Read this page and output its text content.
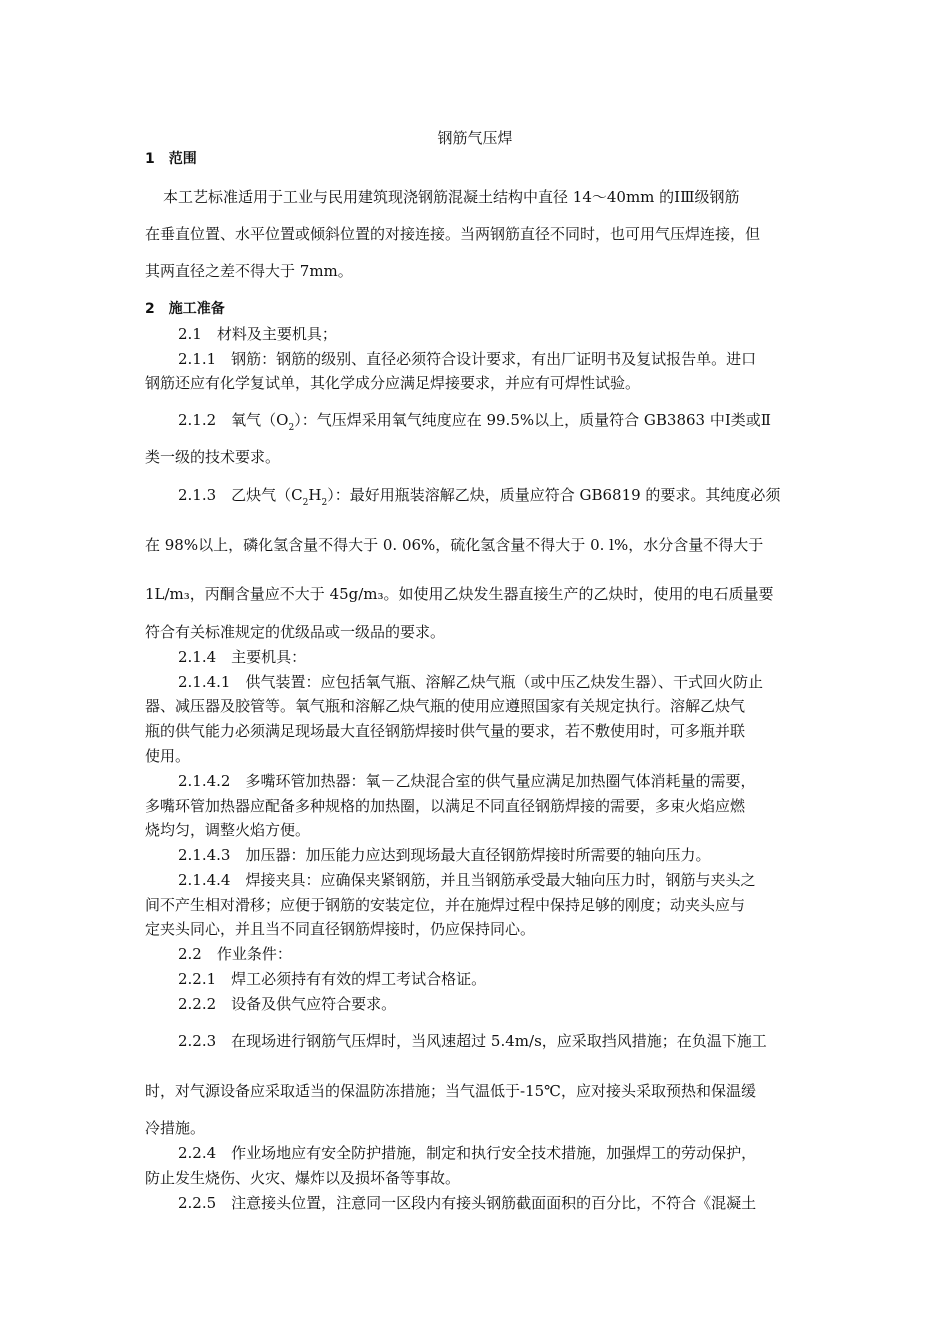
钢筋气压焊
1　范围
本工艺标准适用于工业与民用建筑现浇钢筋混凝土结构中直径 14～40mm 的ⅠⅢ级钢筋
在垂直位置、水平位置或倾斜位置的对接连接。当两钢筋直径不同时，也可用气压焊连接，但
其两直径之差不得大于 7mm。
2　施工准备
2.1　材料及主要机具；
2.1.1　钢筋：钢筋的级别、直径必须符合设计要求，有出厂证明书及复试报告单。进口
钢筋还应有化学复试单，其化学成分应满足焊接要求，并应有可焊性试验。
2.1.2　氧气$(O_2)$：气压焊采用氧气纯度应在 99.5%以上，质量符合 GB3863 中Ⅰ类或Ⅱ
类一级的技术要求。
2.1.3　乙炔气$(C_2H_2)$：最好用瓶装溶解乙炔，质量应符合 GB6819 的要求。其纯度必须
在 98%以上，磷化氢含量不得大于 0. 06%，硫化氢含量不得大于 0. l%，水分含量不得大于
1L/m₃，丙酮含量应不大于 45g/m₃。如使用乙炔发生器直接生产的乙炔时，使用的电石质量要
符合有关标准规定的优级品或一级品的要求。
2.1.4　主要机具：
2.1.4.1　供气装置：应包括氧气瓶、溶解乙炔气瓶（或中压乙炔发生器）、干式回火防止
器、减压器及胶管等。氧气瓶和溶解乙炔气瓶的使用应遵照国家有关规定执行。溶解乙炔气
瓶的供气能力必须满足现场最大直径钢筋焊接时供气量的要求，若不敷使用时，可多瓶并联
使用。
2.1.4.2　多嘴环管加热器：氧－乙炔混合室的供气量应满足加热圈气体消耗量的需要，
多嘴环管加热器应配备多种规格的加热圈，以满足不同直径钢筋焊接的需要，多束火焰应燃
烧均匀，调整火焰方便。
2.1.4.3　加压器：加压能力应达到现场最大直径钢筋焊接时所需要的轴向压力。
2.1.4.4　焊接夹具：应确保夹紧钢筋，并且当钢筋承受最大轴向压力时，钢筋与夹头之
间不产生相对滑移；应便于钢筋的安装定位，并在施焊过程中保持足够的刚度；动夹头应与
定夹头同心，并且当不同直径钢筋焊接时，仍应保持同心。
2.2　作业条件：
2.2.1　焊工必须持有有效的焊工考试合格证。
2.2.2　设备及供气应符合要求。
2.2.3　在现场进行钢筋气压焊时，当风速超过 5.4m/s，应采取挡风措施；在负温下施工
时，对气源设备应采取适当的保温防冻措施；当气温低于-15℃，应对接头采取预热和保温缓
冷措施。
2.2.4　作业场地应有安全防护措施，制定和执行安全技术措施，加强焊工的劳动保护，
防止发生烧伤、火灾、爆炸以及损坏备等事故。
2.2.5　注意接头位置，注意同一区段内有接头钢筋截面面积的百分比，不符合《混凝土
